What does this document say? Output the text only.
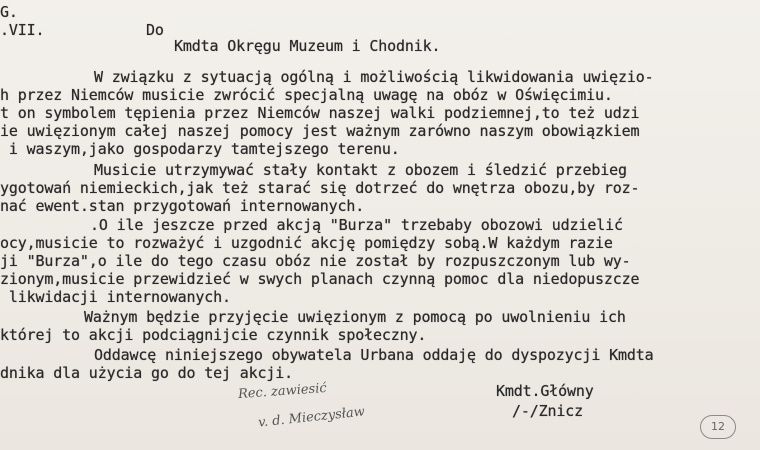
G.
.VII.	Do
Kmdta Okręgu Muzeum i Chodnik.
W związku z sytuacją ogólną i możliwością likwidowania uwięzio-
h przez Niemców musicie zwrócić specjalną uwagę na obóz w Oświęcimiu.
t on symbolem tępienia przez Niemców naszej walki podziemnej,to też udzi
ie uwięzionym całej naszej pomocy jest ważnym zarówno naszym obowiązkiem
i waszym,jako gospodarzy tamtejszego terenu.
Musicie utrzymywać stały kontakt z obozem i śledzić przebieg
ygotowań niemieckich,jak też starać się dotrzeć do wnętrza obozu,by roz-
nać ewent.stan przygotowań internowanych.
.O ile jeszcze przed akcją "Burza" trzebaby obozowi udzielić
ocy,musicie to rozważyć i uzgodnić akcję pomiędzy sobą.W każdym razie
ji "Burza",o ile do tego czasu obóz nie został by rozpuszczonym lub wy-
zionym,musicie przewidzieć w swych planach czynną pomoc dla niedopuszcze
likwidacji internowanych.
Ważnym będzie przyjęcie uwięzionym z pomocą po uwolnieniu ich
której to akcji podciągnijcie czynnik społeczny.
Oddawcę niniejszego obywatela Urbana oddaję do dyspozycji Kmdta
dnika dla użycia go do tej akcji.
Kmdt.Główny
/-/Znicz
Rec. zawiesić
v. d. Mieczysław	12
